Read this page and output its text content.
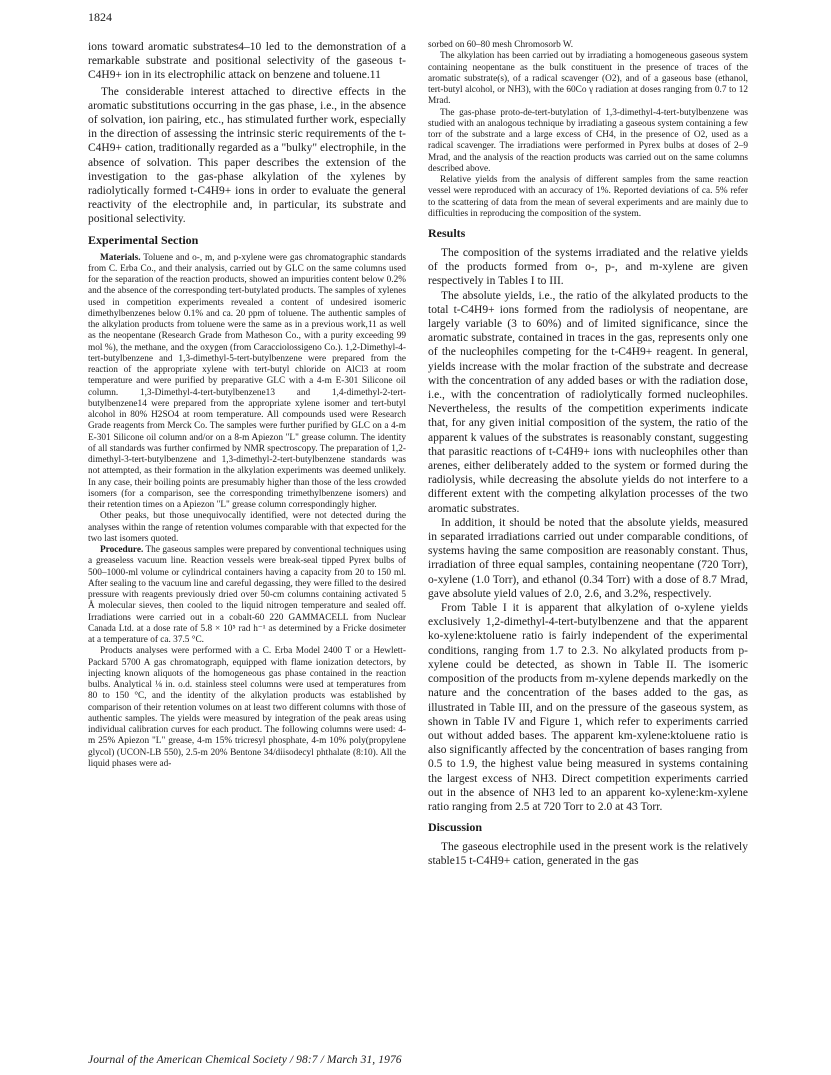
1824

ions toward aromatic substrates4–10 led to the demonstration of a remarkable substrate and positional selectivity of the gaseous t-C4H9+ ion in its electrophilic attack on benzene and toluene.11

The considerable interest attached to directive effects in the aromatic substitutions occurring in the gas phase, i.e., in the absence of solvation, ion pairing, etc., has stimulated further work, especially in the direction of assessing the intrinsic steric requirements of the t-C4H9+ cation, traditionally regarded as a "bulky" electrophile, in the absence of solvation. This paper describes the extension of the investigation to the gas-phase alkylation of the xylenes by radiolytically formed t-C4H9+ ions in order to evaluate the general reactivity of the electrophile and, in particular, its substrate and positional selectivity.

Experimental Section

Materials. Toluene and o-, m, and p-xylene were gas chromatographic standards from C. Erba Co., and their analysis, carried out by GLC on the same columns used for the separation of the reaction products, showed an impurities content below 0.2% and the absence of the corresponding tert-butylated products. The samples of xylenes used in competition experiments revealed a content of undesired isomeric dimethylbenzenes below 0.1% and ca. 20 ppm of toluene. The authentic samples of the alkylation products from toluene were the same as in a previous work,11 as well as the neopentane (Research Grade from Matheson Co., with a purity exceeding 99 mol %), the methane, and the oxygen (from Caracciolossigeno Co.). 1,2-Dimethyl-4-tert-butylbenzene and 1,3-dimethyl-5-tert-butylbenzene were prepared from the reaction of the appropriate xylene with tert-butyl chloride on AlCl3 at room temperature and were purified by preparative GLC with a 4-m E-301 Silicone oil column. 1,3-Dimethyl-4-tert-butylbenzene13 and 1,4-dimethyl-2-tert-butylbenzene14 were prepared from the appropriate xylene isomer and tert-butyl alcohol in 80% H2SO4 at room temperature. All compounds used were Research Grade reagents from Merck Co. The samples were further purified by GLC on a 4-m E-301 Silicone oil column and/or on a 8-m Apiezon "L" grease column. The identity of all standards was further confirmed by NMR spectroscopy. The preparation of 1,2-dimethyl-3-tert-butylbenzene and 1,3-dimethyl-2-tert-butylbenzene standards was not attempted, as their formation in the alkylation experiments was deemed unlikely. In any case, their boiling points are presumably higher than those of the less crowded isomers (for a comparison, see the corresponding trimethylbenzene isomers) and their retention times on a Apiezon "L" grease column correspondingly higher.

Other peaks, but those unequivocally identified, were not detected during the analyses within the range of retention volumes comparable with that expected for the two last isomers quoted.

Procedure. The gaseous samples were prepared by conventional techniques using a greaseless vacuum line. Reaction vessels were break-seal tipped Pyrex bulbs of 500–1000-ml volume or cylindrical containers having a capacity from 20 to 150 ml. After sealing to the vacuum line and careful degassing, they were filled to the desired pressure with reagents previously dried over 50-cm columns containing activated 5 Å molecular sieves, then cooled to the liquid nitrogen temperature and sealed off. Irradiations were carried out in a cobalt-60 220 GAMMACELL from Nuclear Canada Ltd. at a dose rate of 5.8 × 10⁵ rad h⁻¹ as determined by a Fricke dosimeter at a temperature of ca. 37.5 °C.

Products analyses were performed with a C. Erba Model 2400 T or a Hewlett-Packard 5700 A gas chromatograph, equipped with flame ionization detectors, by injecting known aliquots of the homogeneous gas phase contained in the reaction bulbs. Analytical ⅛ in. o.d. stainless steel columns were used at temperatures from 80 to 150 °C, and the identity of the alkylation products was established by comparison of their retention volumes on at least two different columns with those of authentic samples. The yields were measured by integration of the peak areas using individual calibration curves for each product. The following columns were used: 4-m 25% Apiezon "L" grease, 4-m 15% tricresyl phosphate, 4-m 10% poly(propylene glycol) (UCON-LB 550), 2.5-m 20% Bentone 34/diisodecyl phthalate (8:10). All the liquid phases were ad-

sorbed on 60–80 mesh Chromosorb W.

The alkylation has been carried out by irradiating a homogeneous gaseous system containing neopentane as the bulk constituent in the presence of traces of the aromatic substrate(s), of a radical scavenger (O2), and of a gaseous base (ethanol, tert-butyl alcohol, or NH3), with the 60Co γ radiation at doses ranging from 0.7 to 12 Mrad.

The gas-phase proto-de-tert-butylation of 1,3-dimethyl-4-tert-butylbenzene was studied with an analogous technique by irradiating a gaseous system containing a few torr of the substrate and a large excess of CH4, in the presence of O2, used as a radical scavenger. The irradiations were performed in Pyrex bulbs at doses of 2–9 Mrad, and the analysis of the reaction products was carried out on the same columns described above.

Relative yields from the analysis of different samples from the same reaction vessel were reproduced with an accuracy of 1%. Reported deviations of ca. 5% refer to the scattering of data from the mean of several experiments and are mainly due to difficulties in reproducing the composition of the system.

Results

The composition of the systems irradiated and the relative yields of the products formed from o-, p-, and m-xylene are given respectively in Tables I to III.

The absolute yields, i.e., the ratio of the alkylated products to the total t-C4H9+ ions formed from the radiolysis of neopentane, are largely variable (3 to 60%) and of limited significance, since the aromatic substrate, contained in traces in the gas, represents only one of the nucleophiles competing for the t-C4H9+ reagent. In general, yields increase with the molar fraction of the substrate and decrease with the concentration of any added bases or with the radiation dose, i.e., with the concentration of radiolytically formed nucleophiles. Nevertheless, the results of the competition experiments indicate that, for any given initial composition of the system, the ratio of the apparent k values of the substrates is reasonably constant, suggesting that parasitic reactions of t-C4H9+ ions with nucleophiles other than arenes, either deliberately added to the system or formed during the radiolysis, while decreasing the absolute yields do not interfere to a different extent with the competing alkylation processes of the two aromatic substrates.

In addition, it should be noted that the absolute yields, measured in separated irradiations carried out under comparable conditions, of systems having the same composition are reasonably constant. Thus, irradiation of three equal samples, containing neopentane (720 Torr), o-xylene (1.0 Torr), and ethanol (0.34 Torr) with a dose of 8.7 Mrad, gave absolute yield values of 2.0, 2.6, and 3.2%, respectively.

From Table I it is apparent that alkylation of o-xylene yields exclusively 1,2-dimethyl-4-tert-butylbenzene and that the apparent ko-xylene:ktoluene ratio is fairly independent of the experimental conditions, ranging from 1.7 to 2.3. No alkylated products from p-xylene could be detected, as shown in Table II. The isomeric composition of the products from m-xylene depends markedly on the nature and the concentration of the bases added to the gas, as illustrated in Table III, and on the pressure of the gaseous system, as shown in Table IV and Figure 1, which refer to experiments carried out without added bases. The apparent km-xylene:ktoluene ratio is also significantly affected by the concentration of bases ranging from 0.5 to 1.9, the highest value being measured in systems containing the largest excess of NH3. Direct competition experiments carried out in the absence of NH3 led to an apparent ko-xylene:km-xylene ratio ranging from 2.5 at 720 Torr to 2.0 at 43 Torr.

Discussion

The gaseous electrophile used in the present work is the relatively stable15 t-C4H9+ cation, generated in the gas

Journal of the American Chemical Society / 98:7 / March 31, 1976
